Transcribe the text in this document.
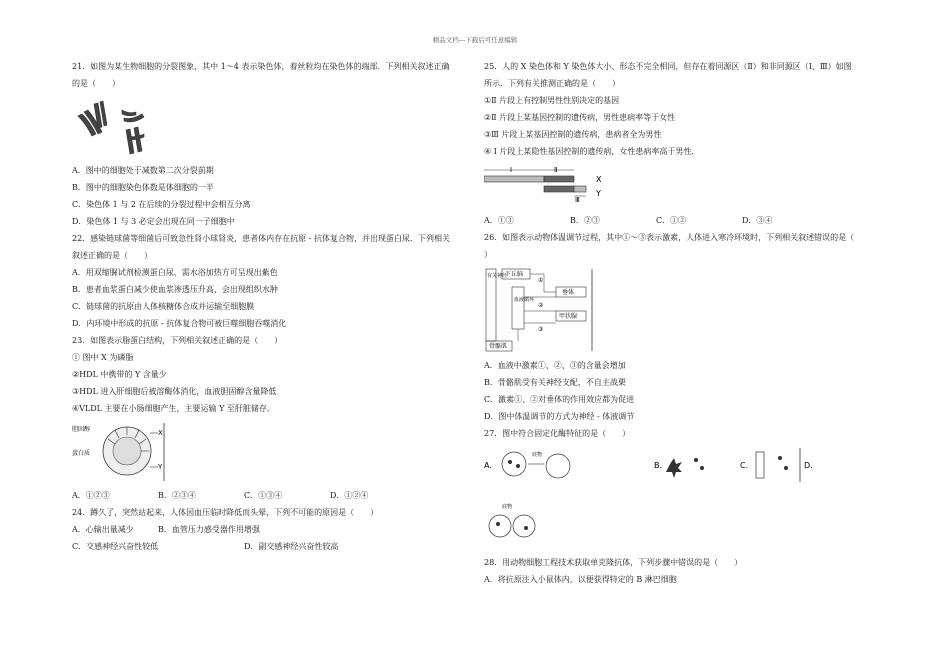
精品文档---下载后可任意编辑
21．如图为某生物细胞的分裂图象，其中 1～4 表示染色体，着丝粒均在染色体的端部．下列相关叙述正确
的是（　　）
A．图中的细胞处于减数第二次分裂前期
B．图中的细胞染色体数是体细胞的一半
C．染色体 1 与 2 在后续的分裂过程中会相互分离
D．染色体 1 与 3 必定会出现在同一子细胞中
22．感染链球菌等细菌后可致急性肾小球肾炎，患者体内存在抗原 - 抗体复合物，并出现蛋白尿．下列相关
叙述正确的是（　　）
A．用双缩脲试剂检测蛋白尿，需水浴加热方可呈现出紫色
B．患者血浆蛋白减少使血浆渗透压升高，会出现组织水肿
C．链球菌的抗原由人体核糖体合成并运输至细胞膜
D．内环境中形成的抗原 - 抗体复合物可被巨噬细胞吞噬消化
23．如图表示脂蛋白结构，下列相关叙述正确的是（　　）
① 图中 X 为磷脂
②HDL 中携带的 Y 含量少
③HDL 进入肝细胞后被溶酶体消化，血液胆固醇含量降低
④VLDL 主要在小肠细胞产生，主要运输 Y 至肝脏储存。
胆固醇
蛋白质
X
Y
A．①②③	B．②③④	C．①③④	D．①②④
24．蹲久了，突然站起来，人体因血压临时降低而头晕，下列不可能的原因是（　　）
A．心输出量减少	B．血管压力感受器作用增强
C．交感神经兴奋性较低	D．副交感神经兴奋性较高
25．人的 X 染色体和 Y 染色体大小、形态不完全相同，但存在着同源区（Ⅱ）和非同源区（Ⅰ、Ⅲ）如图
所示．下列有关推测正确的是（　　）
①Ⅱ 片段上有控制男性性别决定的基因
②Ⅱ 片段上某基因控制的遗传病，男性患病率等于女性
③Ⅲ 片段上某基因控制的遗传病，患病者全为男性
④ Ⅰ 片段上某隐性基因控制的遗传病，女性患病率高于男性．
Ⅰ	Ⅱ
Ⅲ
X
Y
A．①③	B．②③	C．①②	D．③④
26．如图表示动物体温调节过程，其中①～③表示激素，人体进入寒冷环境时，下列相关叙述错误的是（
）
有关神经
下丘脑
血液循环
垂体
甲状腺
骨骼肌
①
②
③
A．血液中激素①、②、③的含量会增加
B．骨骼肌受有关神经支配，不自主战栗
C．激素①、②对垂体的作用效应都为促进
D．图中体温调节的方式为神经 - 体液调节
27．图中符合固定化酶特征的是（　　）
A.
底物
B.	C.	D.
底物
28．用动物细胞工程技术获取单克隆抗体，下列步骤中错误的是（　　）
A．将抗原注入小鼠体内，以便获得特定的 B 淋巴细胞
